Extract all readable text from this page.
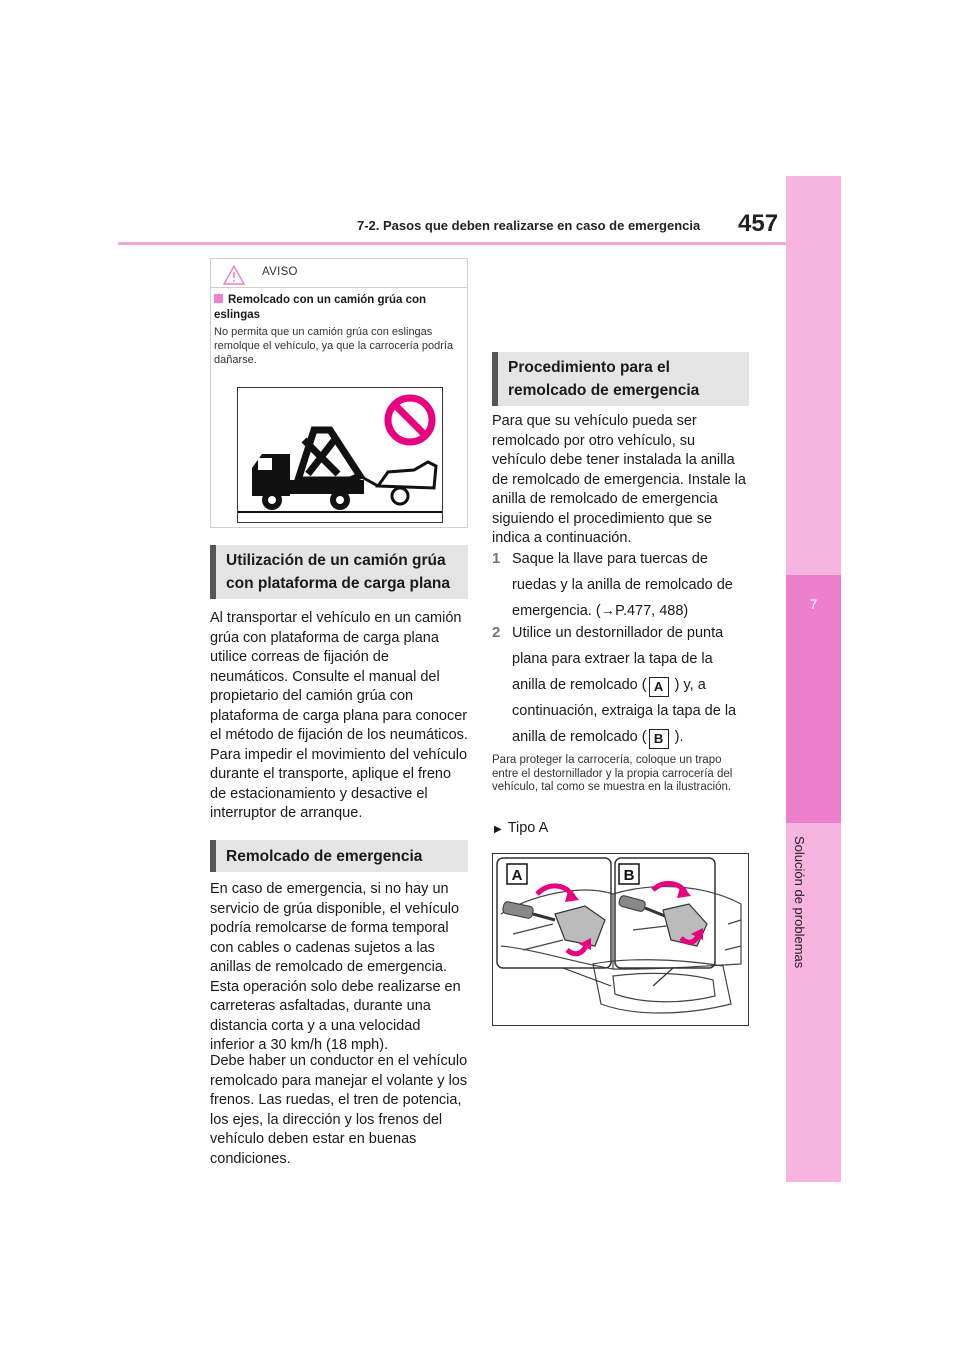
7-2. Pasos que deben realizarse en caso de emergencia 457
7
Solución de problemas
AVISO
Remolcado con un camión grúa con eslingas
No permita que un camión grúa con eslingas remolque el vehículo, ya que la carrocería podría dañarse.
Utilización de un camión grúa con plataforma de carga plana
Al transportar el vehículo en un camión grúa con plataforma de carga plana utilice correas de fijación de neumáticos. Consulte el manual del propietario del camión grúa con plataforma de carga plana para conocer el método de fijación de los neumáticos. Para impedir el movimiento del vehículo durante el transporte, aplique el freno de estacionamiento y desactive el interruptor de arranque.
Remolcado de emergencia
En caso de emergencia, si no hay un servicio de grúa disponible, el vehículo podría remolcarse de forma temporal con cables o cadenas sujetos a las anillas de remolcado de emergencia. Esta operación solo debe realizarse en carreteras asfaltadas, durante una distancia corta y a una velocidad inferior a 30 km/h (18 mph).
Debe haber un conductor en el vehículo remolcado para manejar el volante y los frenos. Las ruedas, el tren de potencia, los ejes, la dirección y los frenos del vehículo deben estar en buenas condiciones.
Procedimiento para el remolcado de emergencia
Para que su vehículo pueda ser remolcado por otro vehículo, su vehículo debe tener instalada la anilla de remolcado de emergencia. Instale la anilla de remolcado de emergencia siguiendo el procedimiento que se indica a continuación.
1 Saque la llave para tuercas de ruedas y la anilla de remolcado de emergencia. (→P.477, 488)
2 Utilice un destornillador de punta plana para extraer la tapa de la anilla de remolcado ( A ) y, a continuación, extraiga la tapa de la anilla de remolcado ( B ).
Para proteger la carrocería, coloque un trapo entre el destornillador y la propia carrocería del vehículo, tal como se muestra en la ilustración.
▶ Tipo A
A	B
